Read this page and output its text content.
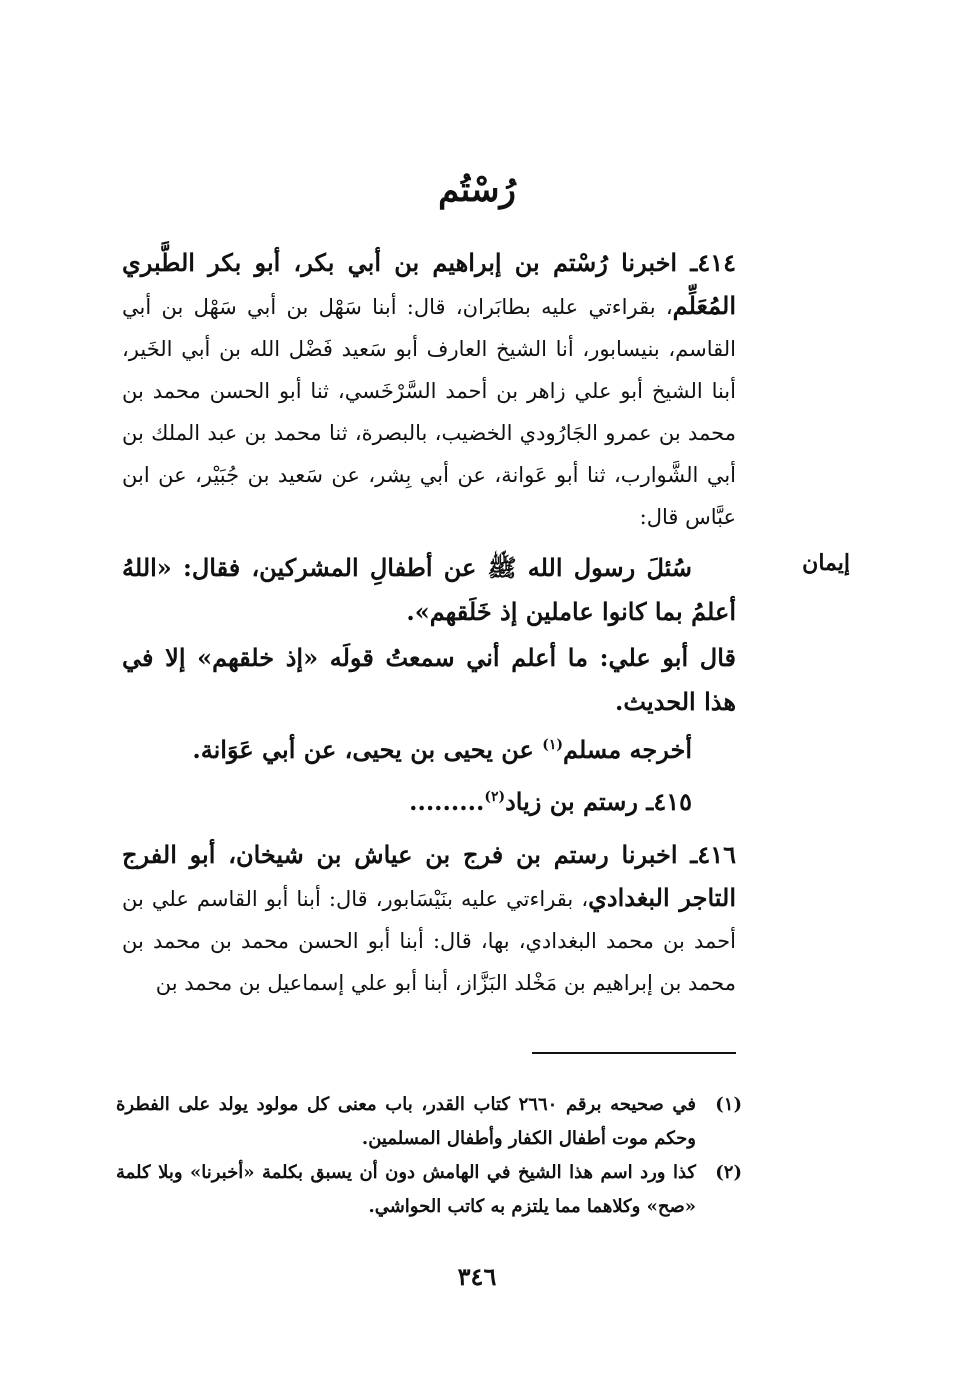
رُسْتُم

٤١٤ـ اخبرنا رُسْتم بن إبراهيم بن أبي بكر، أبو بكر الطَّبري المُعَلِّم، بقراءتي عليه بطابَران، قال: أبنا سَهْل بن أبي سَهْل بن أبي القاسم، بنيسابور، أنا الشيخ العارف أبو سَعيد فَضْل الله بن أبي الخَير، أبنا الشيخ أبو علي زاهر بن أحمد السَّرْخَسي، ثنا أبو الحسن محمد بن محمد بن عمرو الجَارُودي الخضيب، بالبصرة، ثنا محمد بن عبد الملك بن أبي الشَّوارب، ثنا أبو عَوانة، عن أبي بِشر، عن سَعيد بن جُبَيْر، عن ابن عبَّاس قال:

إيمان

سُئلَ رسول الله ﷺ عن أطفالِ المشركين، فقال: «اللهُ أعلمُ بما كانوا عاملين إذ خَلَقهم».

قال أبو علي: ما أعلم أني سمعتُ قولَه «إذ خلقهم» إلا في هذا الحديث.

أخرجه مسلم$^{(١)}$ عن يحيى بن يحيى، عن أبي عَوَانة.

٤١٥ـ رستم بن زياد$^{(٢)}$.........

٤١٦ـ اخبرنا رستم بن فرج بن عياش بن شيخان، أبو الفرج التاجر البغدادي، بقراءتي عليه بنَيْسَابور، قال: أبنا أبو القاسم علي بن أحمد بن محمد البغدادي، بها، قال: أبنا أبو الحسن محمد بن محمد بن محمد بن إبراهيم بن مَخْلد البَزَّاز، أبنا أبو علي إسماعيل بن محمد بن

(١)
في صحيحه برقم ٢٦٦٠ كتاب القدر، باب معنى كل مولود يولد على الفطرة وحكم موت أطفال الكفار وأطفال المسلمين.
(٢)
كذا ورد اسم هذا الشيخ في الهامش دون أن يسبق بكلمة «أخبرنا» وبلا كلمة «صح» وكلاهما مما يلتزم به كاتب الحواشي.
٣٤٦
